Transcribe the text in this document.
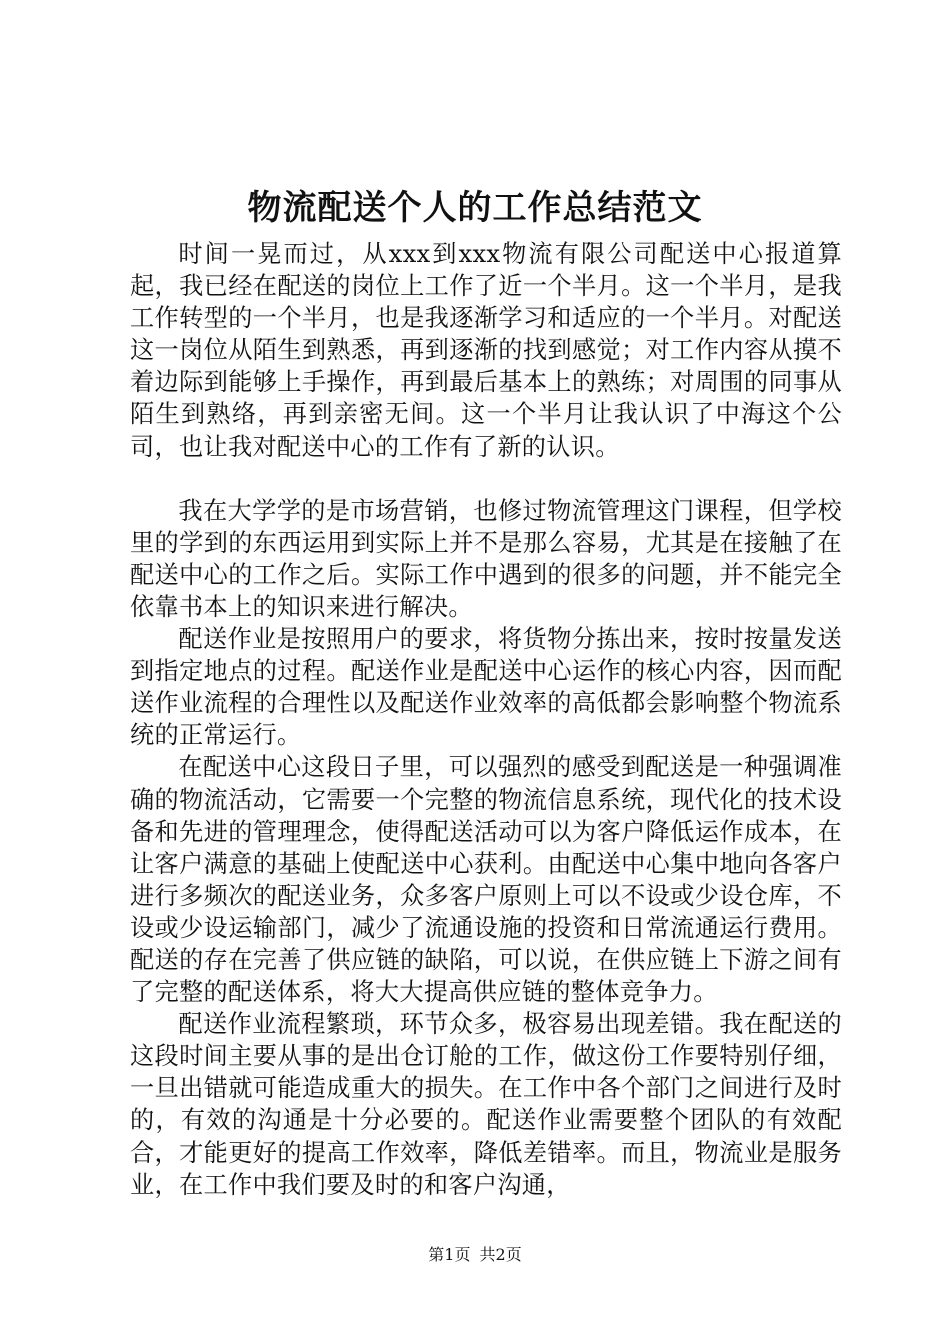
物流配送个人的工作总结范文

时间一晃而过，从xxx到xxx物流有限公司配送中心报道算起，我已经在配送的岗位上工作了近一个半月。这一个半月，是我工作转型的一个半月，也是我逐渐学习和适应的一个半月。对配送这一岗位从陌生到熟悉，再到逐渐的找到感觉；对工作内容从摸不着边际到能够上手操作，再到最后基本上的熟练；对周围的同事从陌生到熟络，再到亲密无间。这一个半月让我认识了中海这个公司，也让我对配送中心的工作有了新的认识。

我在大学学的是市场营销，也修过物流管理这门课程，但学校里的学到的东西运用到实际上并不是那么容易，尤其是在接触了在配送中心的工作之后。实际工作中遇到的很多的问题，并不能完全依靠书本上的知识来进行解决。

配送作业是按照用户的要求，将货物分拣出来，按时按量发送到指定地点的过程。配送作业是配送中心运作的核心内容，因而配送作业流程的合理性以及配送作业效率的高低都会影响整个物流系统的正常运行。

在配送中心这段日子里，可以强烈的感受到配送是一种强调准确的物流活动，它需要一个完整的物流信息系统，现代化的技术设备和先进的管理理念，使得配送活动可以为客户降低运作成本，在让客户满意的基础上使配送中心获利。由配送中心集中地向各客户进行多频次的配送业务，众多客户原则上可以不设或少设仓库，不设或少设运输部门，减少了流通设施的投资和日常流通运行费用。配送的存在完善了供应链的缺陷，可以说，在供应链上下游之间有了完整的配送体系，将大大提高供应链的整体竞争力。

配送作业流程繁琐，环节众多，极容易出现差错。我在配送的这段时间主要从事的是出仓订舱的工作，做这份工作要特别仔细，一旦出错就可能造成重大的损失。在工作中各个部门之间进行及时的，有效的沟通是十分必要的。配送作业需要整个团队的有效配合，才能更好的提高工作效率，降低差错率。而且，物流业是服务业，在工作中我们要及时的和客户沟通，

第1页 共2页
